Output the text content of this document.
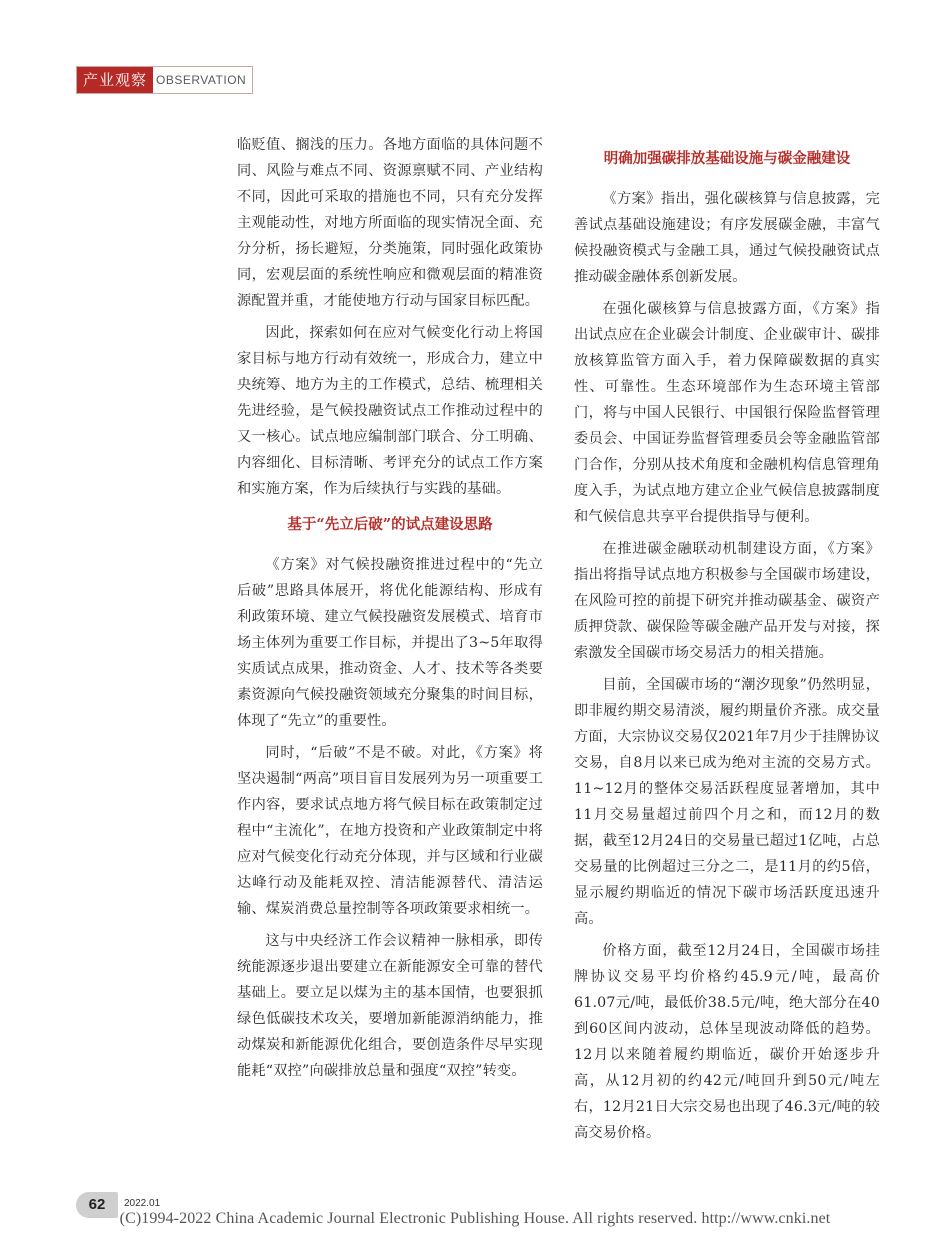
产业观察 OBSERVATION

临贬值、搁浅的压力。各地方面临的具体问题不同、风险与难点不同、资源禀赋不同、产业结构不同，因此可采取的措施也不同，只有充分发挥主观能动性，对地方所面临的现实情况全面、充分分析，扬长避短，分类施策，同时强化政策协同，宏观层面的系统性响应和微观层面的精准资源配置并重，才能使地方行动与国家目标匹配。

因此，探索如何在应对气候变化行动上将国家目标与地方行动有效统一，形成合力，建立中央统筹、地方为主的工作模式，总结、梳理相关先进经验，是气候投融资试点工作推动过程中的又一核心。试点地应编制部门联合、分工明确、内容细化、目标清晰、考评充分的试点工作方案和实施方案，作为后续执行与实践的基础。

基于“先立后破”的试点建设思路

《方案》对气候投融资推进过程中的“先立后破”思路具体展开，将优化能源结构、形成有利政策环境、建立气候投融资发展模式、培育市场主体列为重要工作目标，并提出了3~5年取得实质试点成果，推动资金、人才、技术等各类要素资源向气候投融资领域充分聚集的时间目标，体现了“先立”的重要性。

同时，“后破”不是不破。对此，《方案》将坚决遏制“两高”项目盲目发展列为另一项重要工作内容，要求试点地方将气候目标在政策制定过程中“主流化”，在地方投资和产业政策制定中将应对气候变化行动充分体现，并与区域和行业碳达峰行动及能耗双控、清洁能源替代、清洁运输、煤炭消费总量控制等各项政策要求相统一。

这与中央经济工作会议精神一脉相承，即传统能源逐步退出要建立在新能源安全可靠的替代基础上。要立足以煤为主的基本国情，也要狠抓绿色低碳技术攻关，要增加新能源消纳能力，推动煤炭和新能源优化组合，要创造条件尽早实现能耗“双控”向碳排放总量和强度“双控”转变。

明确加强碳排放基础设施与碳金融建设

《方案》指出，强化碳核算与信息披露，完善试点基础设施建设；有序发展碳金融，丰富气候投融资模式与金融工具，通过气候投融资试点推动碳金融体系创新发展。

在强化碳核算与信息披露方面，《方案》指出试点应在企业碳会计制度、企业碳审计、碳排放核算监管方面入手，着力保障碳数据的真实性、可靠性。生态环境部作为生态环境主管部门，将与中国人民银行、中国银行保险监督管理委员会、中国证券监督管理委员会等金融监管部门合作，分别从技术角度和金融机构信息管理角度入手，为试点地方建立企业气候信息披露制度和气候信息共享平台提供指导与便利。

在推进碳金融联动机制建设方面，《方案》指出将指导试点地方积极参与全国碳市场建设，在风险可控的前提下研究并推动碳基金、碳资产质押贷款、碳保险等碳金融产品开发与对接，探索激发全国碳市场交易活力的相关措施。

目前，全国碳市场的“潮汐现象”仍然明显，即非履约期交易清淡，履约期量价齐涨。成交量方面，大宗协议交易仅2021年7月少于挂牌协议交易，自8月以来已成为绝对主流的交易方式。11~12月的整体交易活跃程度显著增加，其中11月交易量超过前四个月之和，而12月的数据，截至12月24日的交易量已超过1亿吨，占总交易量的比例超过三分之二，是11月的约5倍，显示履约期临近的情况下碳市场活跃度迅速升高。

价格方面，截至12月24日，全国碳市场挂牌协议交易平均价格约45.9元/吨，最高价61.07元/吨，最低价38.5元/吨，绝大部分在40到60区间内波动，总体呈现波动降低的趋势。12月以来随着履约期临近，碳价开始逐步升高，从12月初的约42元/吨回升到50元/吨左右，12月21日大宗交易也出现了46.3元/吨的较高交易价格。

62	2022.01
(C)1994-2022 China Academic Journal Electronic Publishing House. All rights reserved. http://www.cnki.net
